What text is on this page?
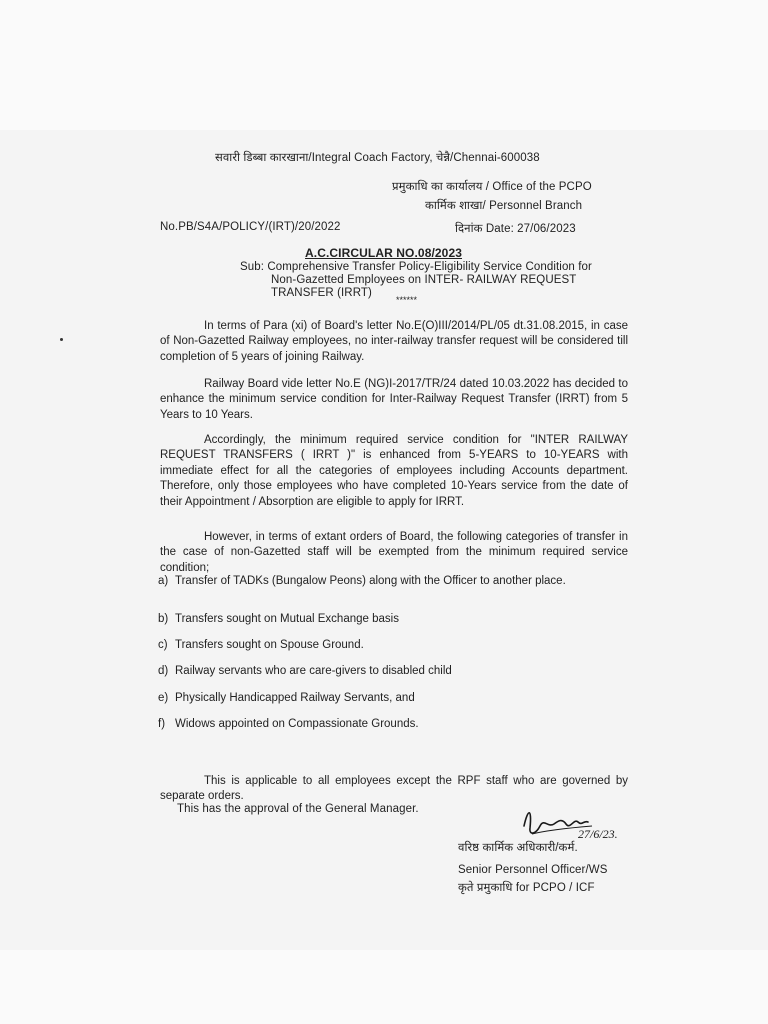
सवारी डिब्बा कारखाना/Integral Coach Factory, चेन्नै/Chennai-600038
प्रमुकाधि का कार्यालय / Office of the PCPO
कार्मिक शाखा/ Personnel Branch
No.PB/S4A/POLICY/(IRT)/20/2022	दिनांक Date: 27/06/2023
A.C.CIRCULAR NO.08/2023
Sub: Comprehensive Transfer Policy-Eligibility Service Condition for
Non-Gazetted Employees on INTER- RAILWAY REQUEST
TRANSFER (IRRT)
******

In terms of Para (xi) of Board's letter No.E(O)III/2014/PL/05 dt.31.08.2015, in case of Non-Gazetted Railway employees, no inter-railway transfer request will be considered till completion of 5 years of joining Railway.

Railway Board vide letter No.E (NG)I-2017/TR/24 dated 10.03.2022 has decided to enhance the minimum service condition for Inter-Railway Request Transfer (IRRT) from 5 Years to 10 Years.

Accordingly, the minimum required service condition for "INTER RAILWAY REQUEST TRANSFERS ( IRRT )" is enhanced from 5-YEARS to 10-YEARS with immediate effect for all the categories of employees including Accounts department. Therefore, only those employees who have completed 10-Years service from the date of their Appointment / Absorption are eligible to apply for IRRT.

However, in terms of extant orders of Board, the following categories of transfer in the case of non-Gazetted staff will be exempted from the minimum required service condition;

a) Transfer of TADKs (Bungalow Peons) along with the Officer to another place.
b) Transfers sought on Mutual Exchange basis
c) Transfers sought on Spouse Ground.
d) Railway servants who are care-givers to disabled child
e) Physically Handicapped Railway Servants, and
f) Widows appointed on Compassionate Grounds.

This is applicable to all employees except the RPF staff who are governed by separate orders.

This has the approval of the General Manager.
27/6/23.
वरिष्ठ कार्मिक अधिकारी/कर्म.
Senior Personnel Officer/WS
कृते प्रमुकाधि for PCPO / ICF
